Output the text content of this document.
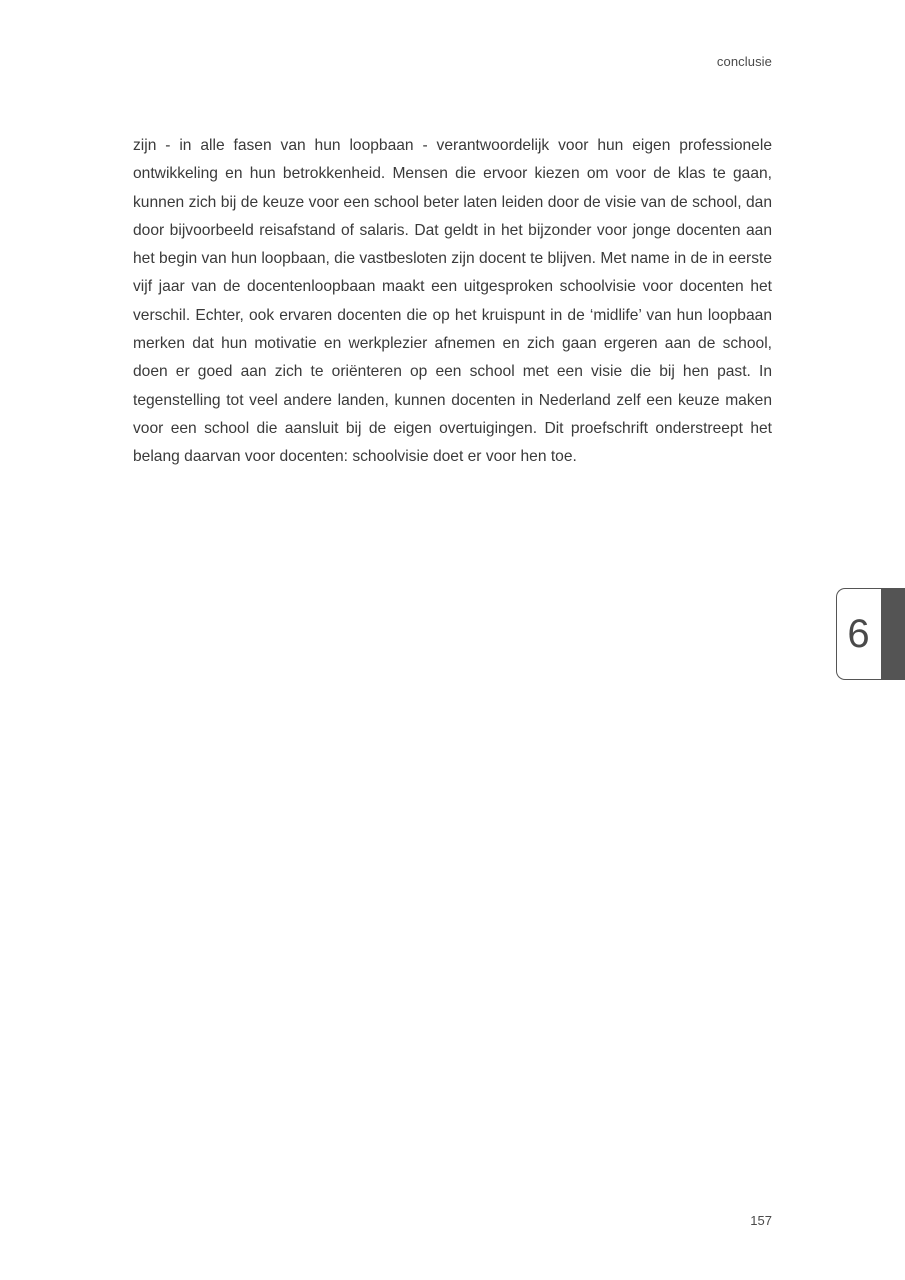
conclusie

zijn - in alle fasen van hun loopbaan - verantwoordelijk voor hun eigen professionele ontwikkeling en hun betrokkenheid. Mensen die ervoor kiezen om voor de klas te gaan, kunnen zich bij de keuze voor een school beter laten leiden door de visie van de school, dan door bijvoorbeeld reisafstand of salaris. Dat geldt in het bijzonder voor jonge docenten aan het begin van hun loopbaan, die vastbesloten zijn docent te blijven. Met name in de in eerste vijf jaar van de docentenloopbaan maakt een uitgesproken schoolvisie voor docenten het verschil. Echter, ook ervaren docenten die op het kruispunt in de ‘midlife’ van hun loopbaan merken dat hun motivatie en werkplezier afnemen en zich gaan ergeren aan de school, doen er goed aan zich te oriënteren op een school met een visie die bij hen past. In tegenstelling tot veel andere landen, kunnen docenten in Nederland zelf een keuze maken voor een school die aansluit bij de eigen overtuigingen. Dit proefschrift onderstreept het belang daarvan voor docenten: schoolvisie doet er voor hen toe.

6
157
